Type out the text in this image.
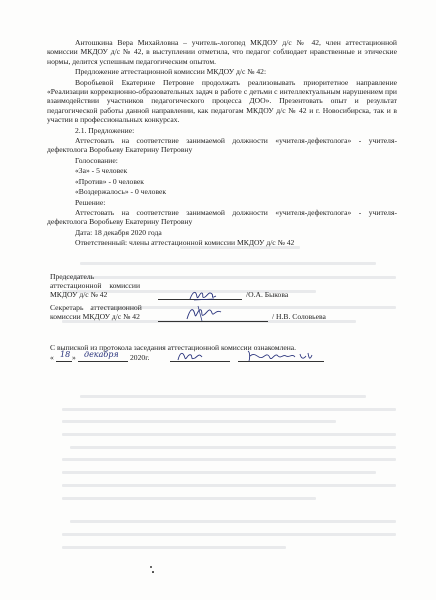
Антошкина Вера Михайловна – учитель-логопед МКДОУ д/с № 42, член аттестационной комиссии МКДОУ д/с № 42, в выступлении отметила, что педагог соблюдает нравственные и этические нормы, делится успешным педагогическим опытом.
Предложение аттестационной комиссии МКДОУ д/с № 42:
Воробьевой Екатерине Петровне продолжать реализовывать приоритетное направление «Реализации коррекционно-образовательных задач в работе с детьми с интеллектуальным нарушением при взаимодействии участников педагогического процесса ДОО». Презентовать опыт и результат педагогической работы данной направлении, как педагогам МКДОУ д/с № 42 и г. Новосибирска, так и в участии в профессиональных конкурсах.
2.1. Предложение:
Аттестовать на соответствие занимаемой должности «учителя-дефектолога» - учителя-дефектолога Воробьеву Екатерину Петровну
Голосование:
«За» - 5 человек
«Против» - 0 человек
«Воздержалось» - 0 человек
Решение:
Аттестовать на соответствие занимаемой должности «учителя-дефектолога» - учителя-дефектолога Воробьеву Екатерину Петровну
Дата: 18 декабря 2020 года
Ответственный: члены аттестационной комиссии МКДОУ д/с № 42
Председатель
аттестационной комиссии
МКДОУ д/с № 42	/О.А. Быкова
Секретарь аттестационной
комиссии МКДОУ д/с № 42	/ Н.В. Соловьева
С выпиской из протокола заседания аттестационной комиссии ознакомлена.
« 18 » декабря 2020г.
